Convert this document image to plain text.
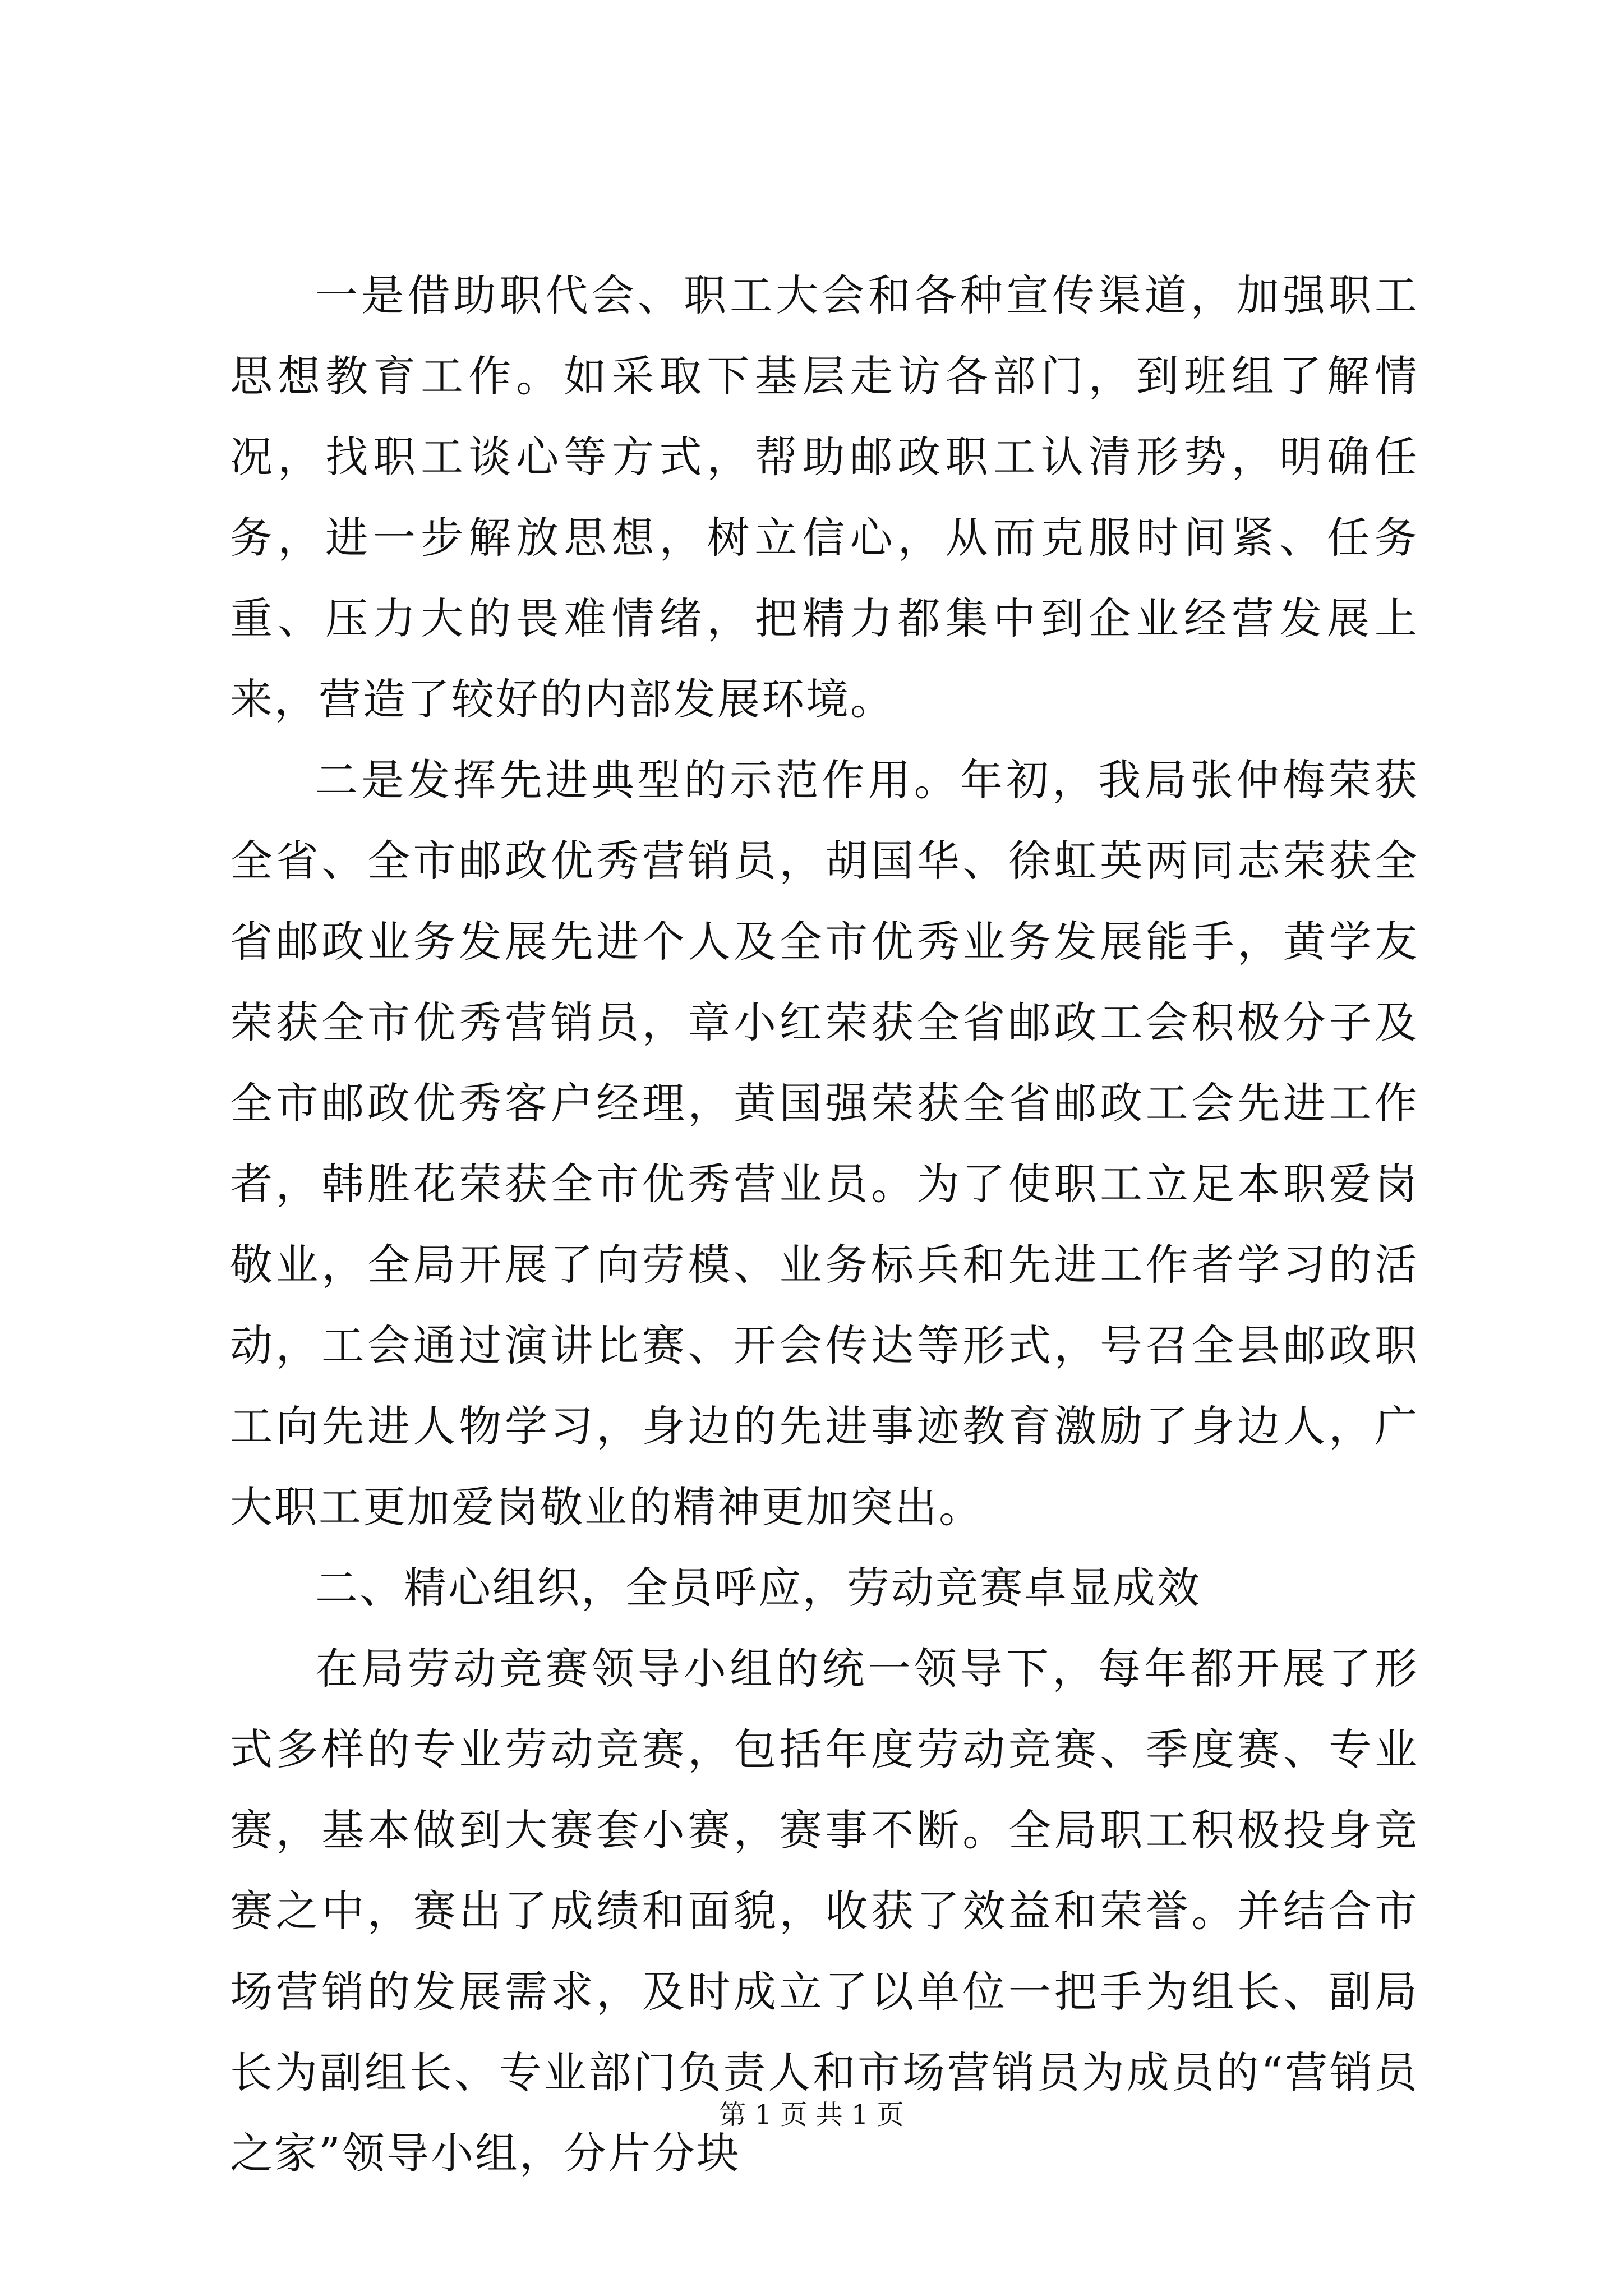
一是借助职代会、职工大会和各种宣传渠道，加强职工思想教育工作。如采取下基层走访各部门，到班组了解情况，找职工谈心等方式，帮助邮政职工认清形势，明确任务，进一步解放思想，树立信心，从而克服时间紧、任务重、压力大的畏难情绪，把精力都集中到企业经营发展上来，营造了较好的内部发展环境。

二是发挥先进典型的示范作用。年初，我局张仲梅荣获全省、全市邮政优秀营销员，胡国华、徐虹英两同志荣获全省邮政业务发展先进个人及全市优秀业务发展能手，黄学友荣获全市优秀营销员，章小红荣获全省邮政工会积极分子及全市邮政优秀客户经理，黄国强荣获全省邮政工会先进工作者，韩胜花荣获全市优秀营业员。为了使职工立足本职爱岗敬业，全局开展了向劳模、业务标兵和先进工作者学习的活动，工会通过演讲比赛、开会传达等形式，号召全县邮政职工向先进人物学习，身边的先进事迹教育激励了身边人，广大职工更加爱岗敬业的精神更加突出。

二、精心组织，全员呼应，劳动竞赛卓显成效

在局劳动竞赛领导小组的统一领导下，每年都开展了形式多样的专业劳动竞赛，包括年度劳动竞赛、季度赛、专业赛，基本做到大赛套小赛，赛事不断。全局职工积极投身竞赛之中，赛出了成绩和面貌，收获了效益和荣誉。并结合市场营销的发展需求，及时成立了以单位一把手为组长、副局长为副组长、专业部门负责人和市场营销员为成员的“营销员之家”领导小组，分片分块

第 1 页 共 1 页
